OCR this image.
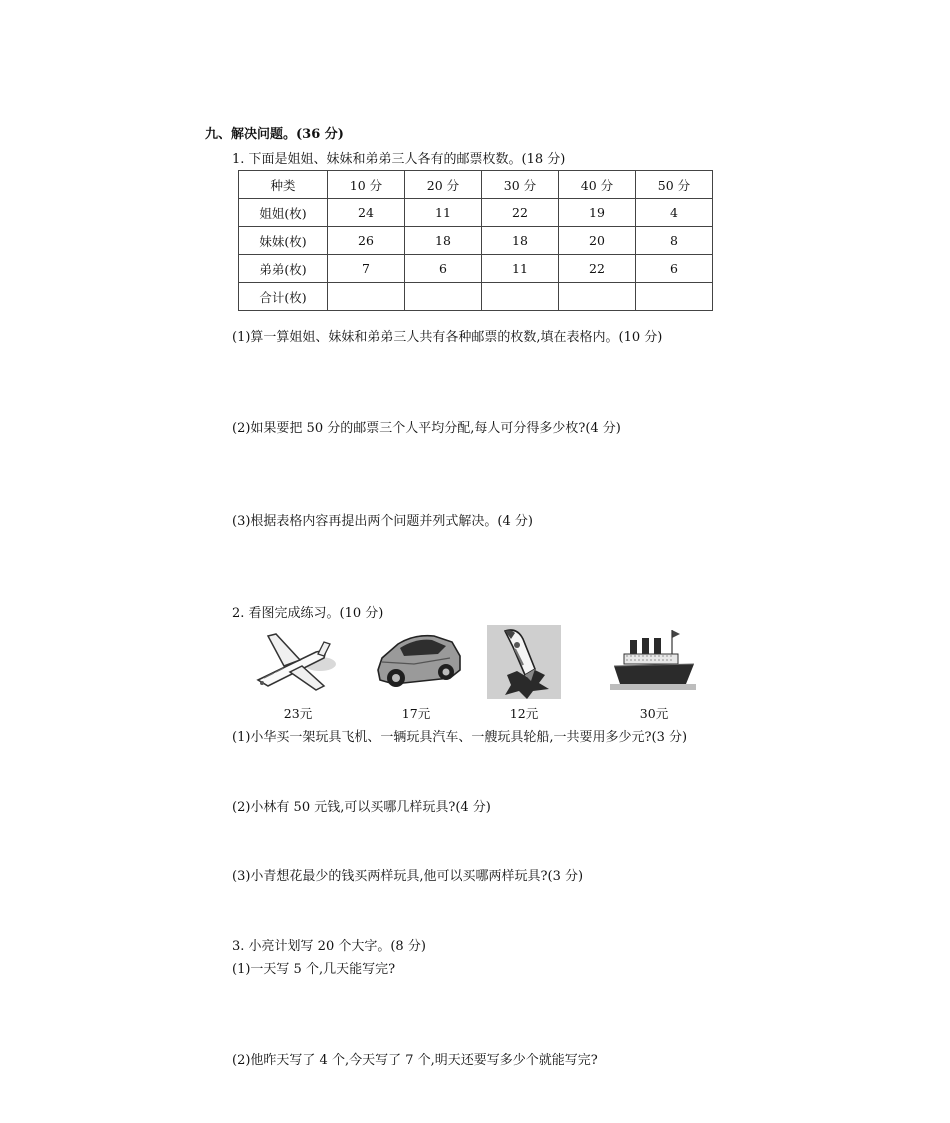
九、解决问题。(36 分)
1. 下面是姐姐、妹妹和弟弟三人各有的邮票枚数。(18 分)
种类	10 分	20 分	30 分	40 分	50 分
姐姐(枚)	24	11	22	19	4
妹妹(枚)	26	18	18	20	8
弟弟(枚)	7	6	11	22	6
合计(枚)					
(1)算一算姐姐、妹妹和弟弟三人共有各种邮票的枚数,填在表格内。(10 分)
(2)如果要把 50 分的邮票三个人平均分配,每人可分得多少枚?(4 分)
(3)根据表格内容再提出两个问题并列式解决。(4 分)
2. 看图完成练习。(10 分)
23元	17元	12元	30元
(1)小华买一架玩具飞机、一辆玩具汽车、一艘玩具轮船,一共要用多少元?(3 分)
(2)小林有 50 元钱,可以买哪几样玩具?(4 分)
(3)小青想花最少的钱买两样玩具,他可以买哪两样玩具?(3 分)
3. 小亮计划写 20 个大字。(8 分)
(1)一天写 5 个,几天能写完?
(2)他昨天写了 4 个,今天写了 7 个,明天还要写多少个就能写完?
